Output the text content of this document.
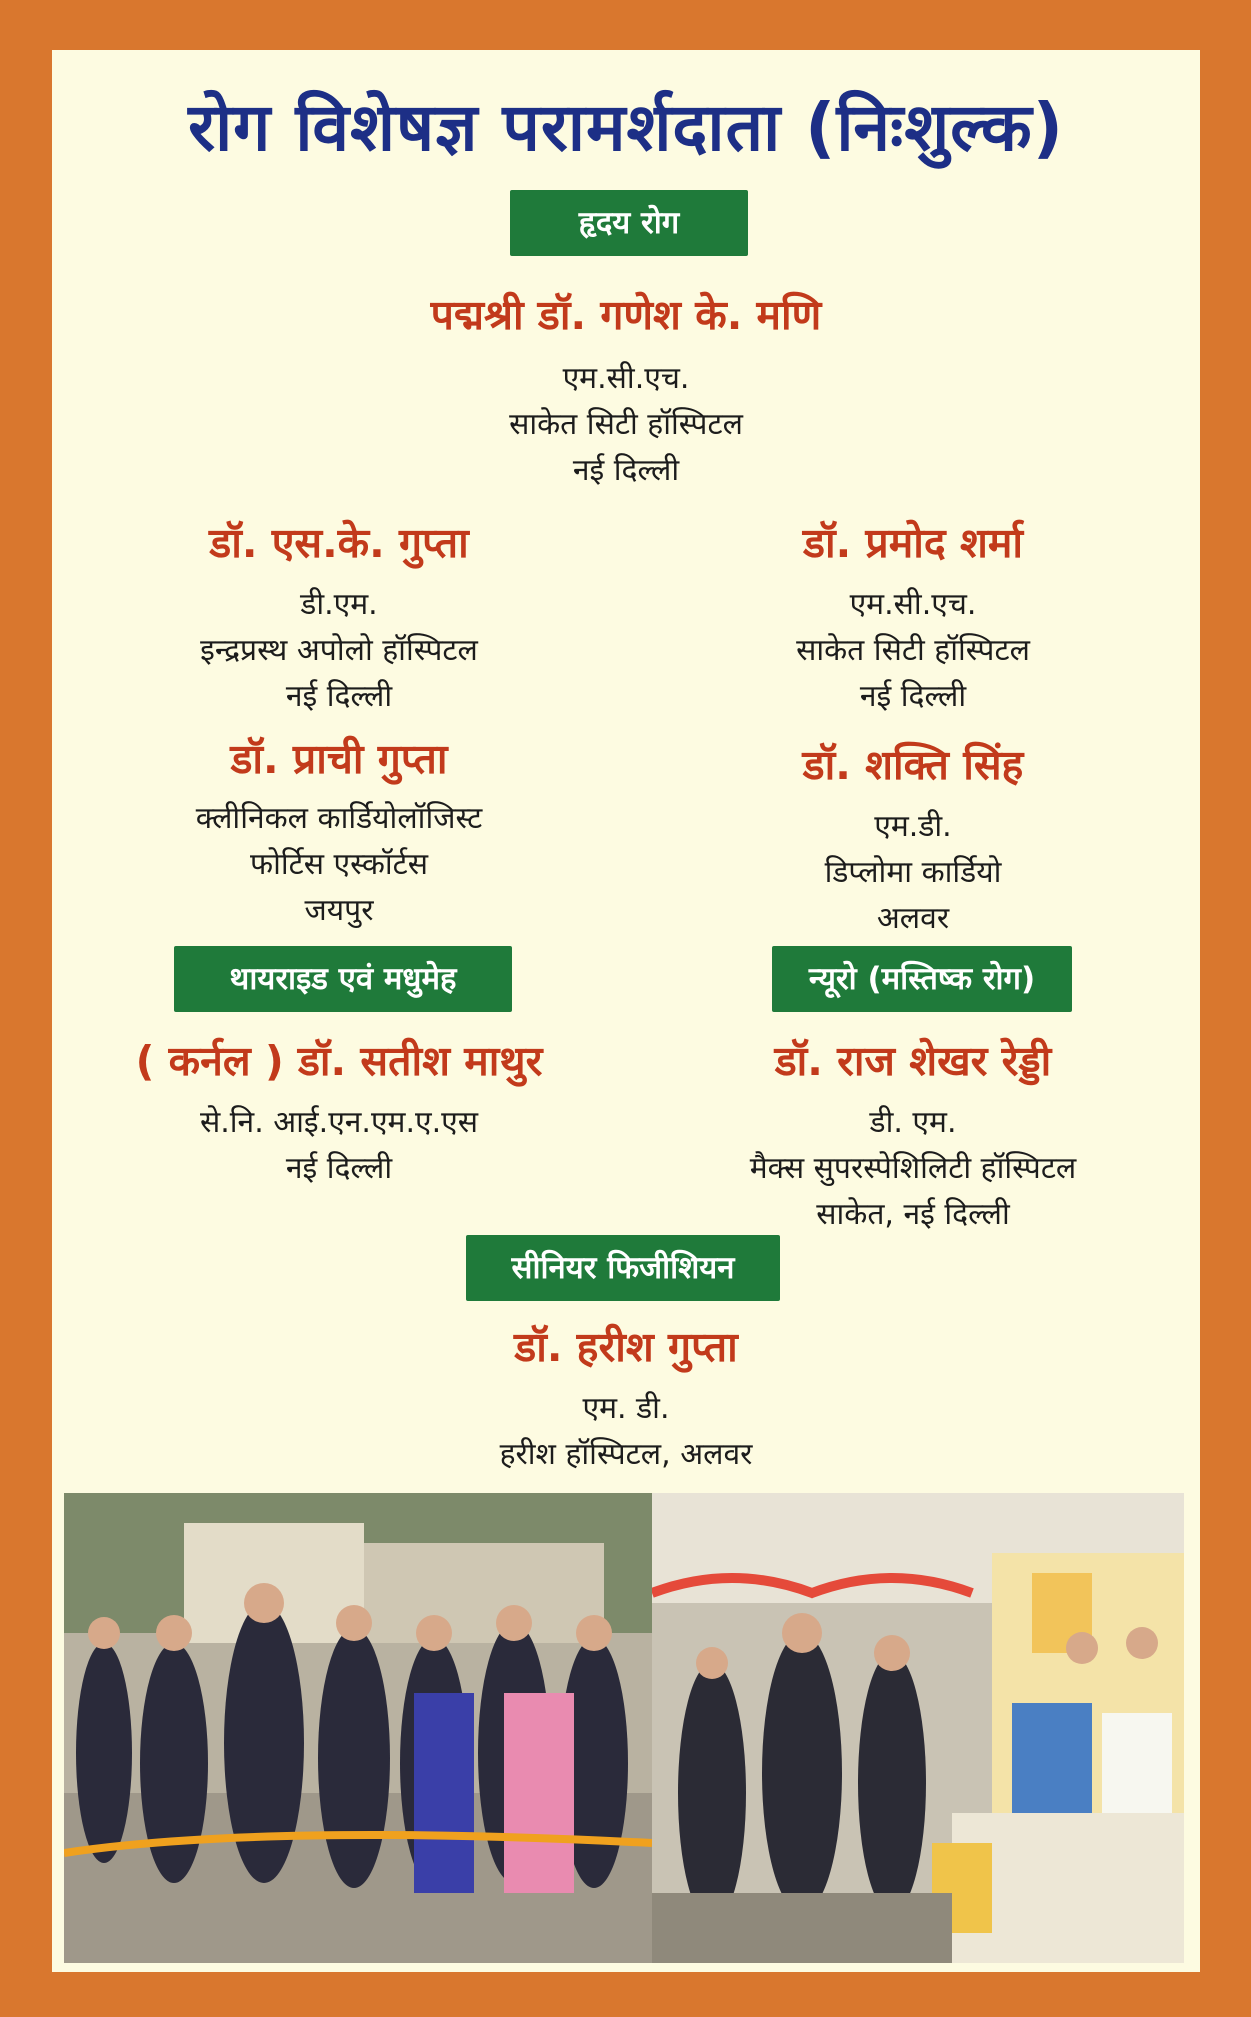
रोग विशेषज्ञ परामर्शदाता (निःशुल्क)
हृदय रोग
पद्मश्री डॉ. गणेश के. मणि
एम.सी.एच.
साकेत सिटी हॉस्पिटल
नई दिल्ली
डॉ. एस.के. गुप्ता
डी.एम.
इन्द्रप्रस्थ अपोलो हॉस्पिटल
नई दिल्ली
डॉ. प्रमोद शर्मा
एम.सी.एच.
साकेत सिटी हॉस्पिटल
नई दिल्ली
डॉ. प्राची गुप्ता
क्लीनिकल कार्डियोलॉजिस्ट
फोर्टिस एस्कॉर्टस
जयपुर
डॉ. शक्ति सिंह
एम.डी.
डिप्लोमा कार्डियो
अलवर
थायराइड एवं मधुमेह
( कर्नल ) डॉ. सतीश माथुर
से.नि. आई.एन.एम.ए.एस
नई दिल्ली
न्यूरो (मस्तिष्क रोग)
डॉ. राज शेखर रेड्डी
डी. एम.
मैक्स सुपरस्पेशिलिटी हॉस्पिटल
साकेत, नई दिल्ली
सीनियर फिजीशियन
डॉ. हरीश गुप्ता
एम. डी.
हरीश हॉस्पिटल, अलवर
